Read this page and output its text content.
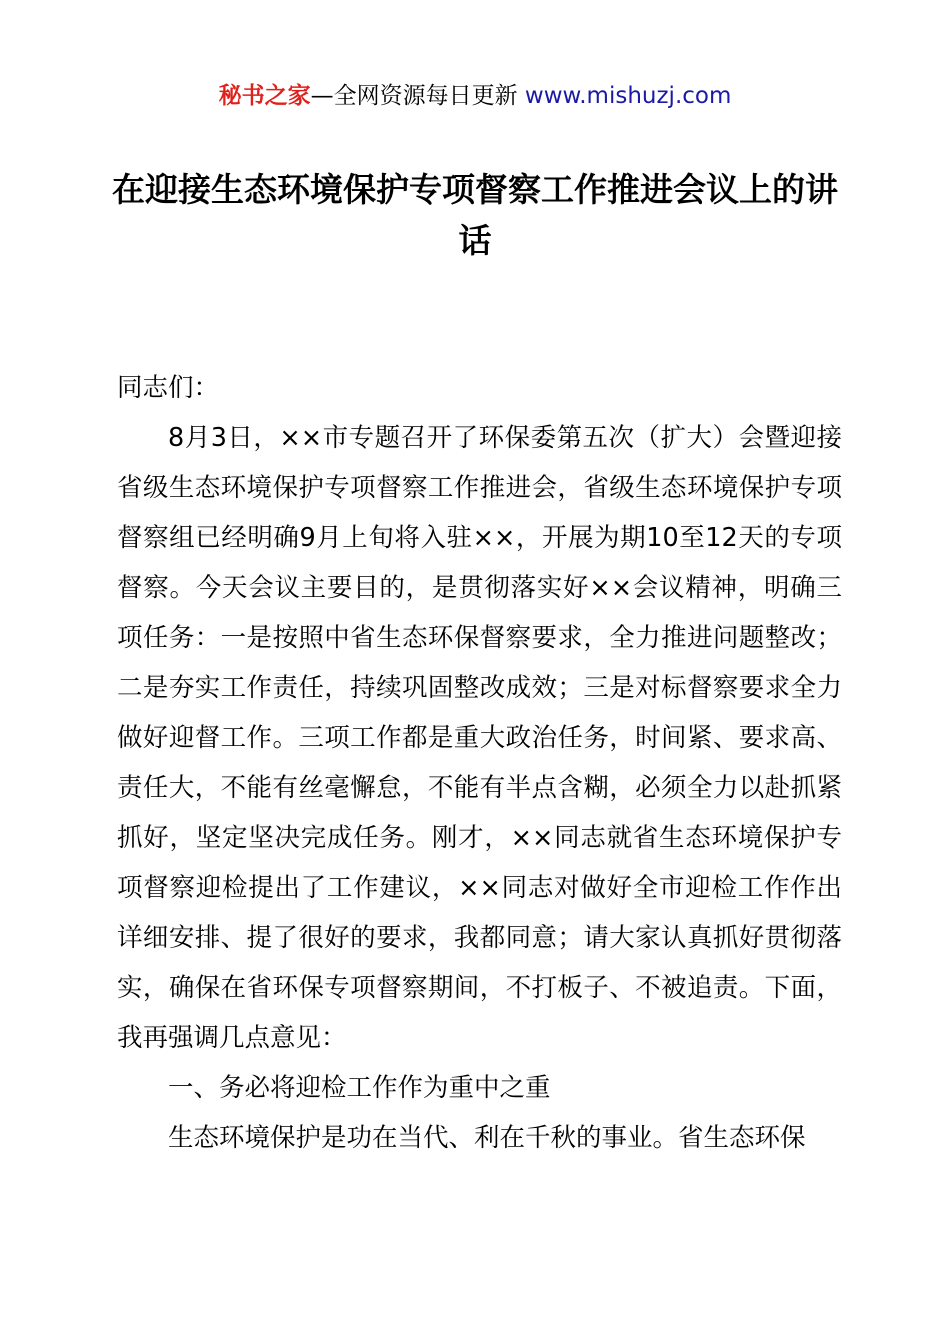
秘书之家—全网资源每日更新 www.mishuzj.com
在迎接生态环境保护专项督察工作推进会议上的讲话

同志们：

8月3日，××市专题召开了环保委第五次（扩大）会暨迎接省级生态环境保护专项督察工作推进会，省级生态环境保护专项督察组已经明确9月上旬将入驻××，开展为期10至12天的专项督察。今天会议主要目的，是贯彻落实好××会议精神，明确三项任务：一是按照中省生态环保督察要求，全力推进问题整改；二是夯实工作责任，持续巩固整改成效；三是对标督察要求全力做好迎督工作。三项工作都是重大政治任务，时间紧、要求高、责任大，不能有丝毫懈怠，不能有半点含糊，必须全力以赴抓紧抓好，坚定坚决完成任务。刚才，××同志就省生态环境保护专项督察迎检提出了工作建议，××同志对做好全市迎检工作作出详细安排、提了很好的要求，我都同意；请大家认真抓好贯彻落实，确保在省环保专项督察期间，不打板子、不被追责。下面，我再强调几点意见：

一、务必将迎检工作作为重中之重

生态环境保护是功在当代、利在千秋的事业。省生态环保
